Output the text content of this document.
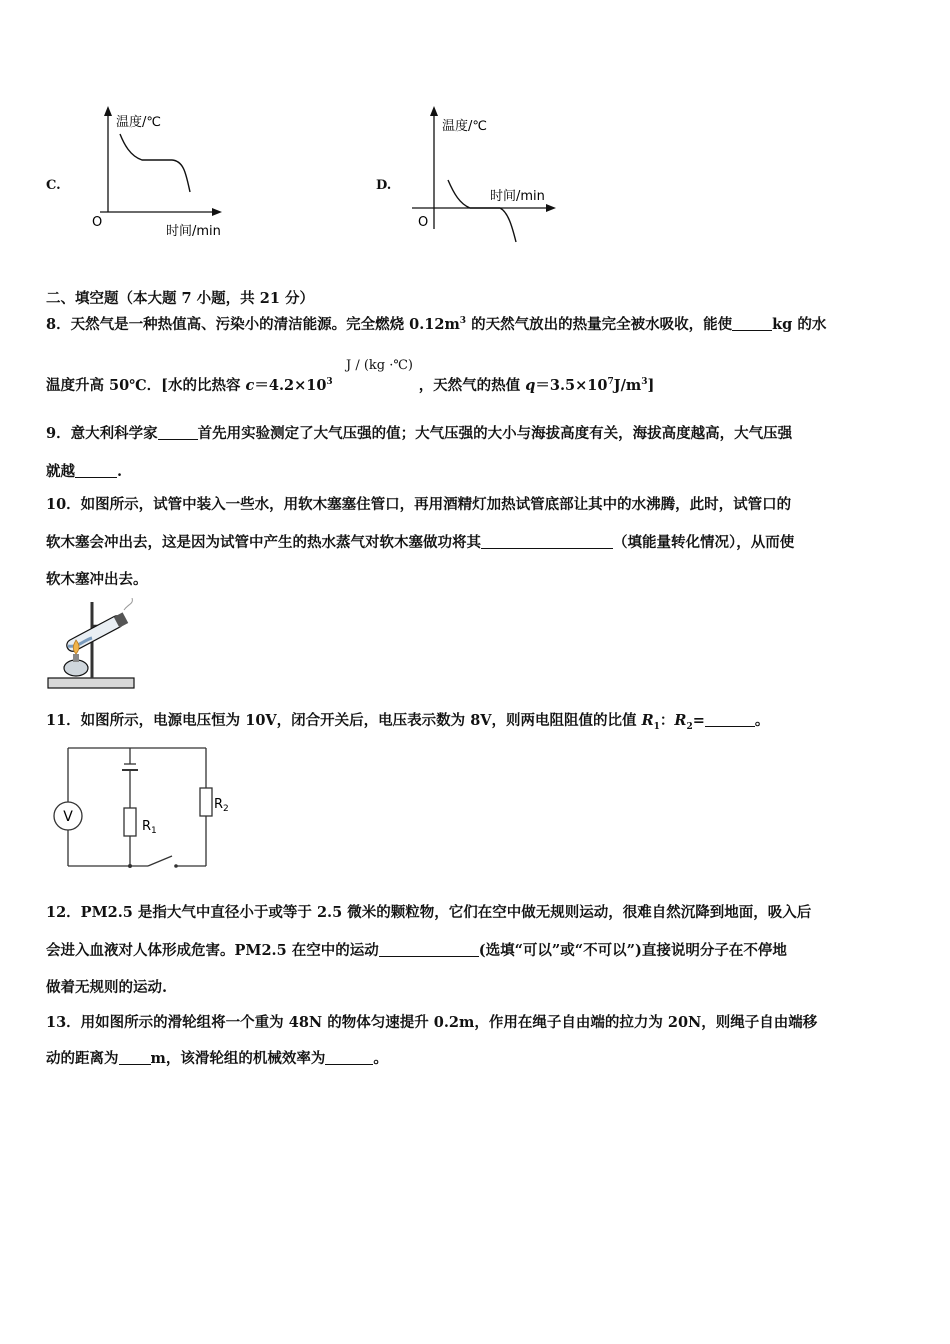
C.
温度/℃
O
时间/min
D.
温度/℃
O
时间/min
二、填空题（本大题 7 小题，共 21 分）
8．天然气是一种热值高、污染小的清洁能源。完全燃烧 $0.12m^3$ 的天然气放出的热量完全被水吸收，能使	kg 的水
J / (kg ·℃)
温度升高 50℃．[水的比热容 $c=4.2\times 10^3$	，天然气的热值 $q=3.5\times 10^7J/m^3$]
9．意大利科学家	首先用实验测定了大气压强的值；大气压强的大小与海拔高度有关，海拔高度越高，大气压强
就越	.
10．如图所示，试管中装入一些水，用软木塞塞住管口，再用酒精灯加热试管底部让其中的水沸腾，此时，试管口的
软木塞会冲出去，这是因为试管中产生的热水蒸气对软木塞做功将其	（填能量转化情况），从而使
软木塞冲出去。
11．如图所示，电源电压恒为 10V，闭合开关后，电压表示数为 8V，则两电阻阻值的比值 $R_1$：$R_2=$	。
V
$R_1$
$R_2$
12．PM2.5 是指大气中直径小于或等于 2.5 微米的颗粒物，它们在空中做无规则运动，很难自然沉降到地面，吸入后
会进入血液对人体形成危害。PM2.5 在空中的运动	(选填“可以”或“不可以”)直接说明分子在不停地
做着无规则的运动.
13．用如图所示的滑轮组将一个重为 48N 的物体匀速提升 0.2m，作用在绳子自由端的拉力为 20N，则绳子自由端移
动的距离为 m，该滑轮组的机械效率为	。
